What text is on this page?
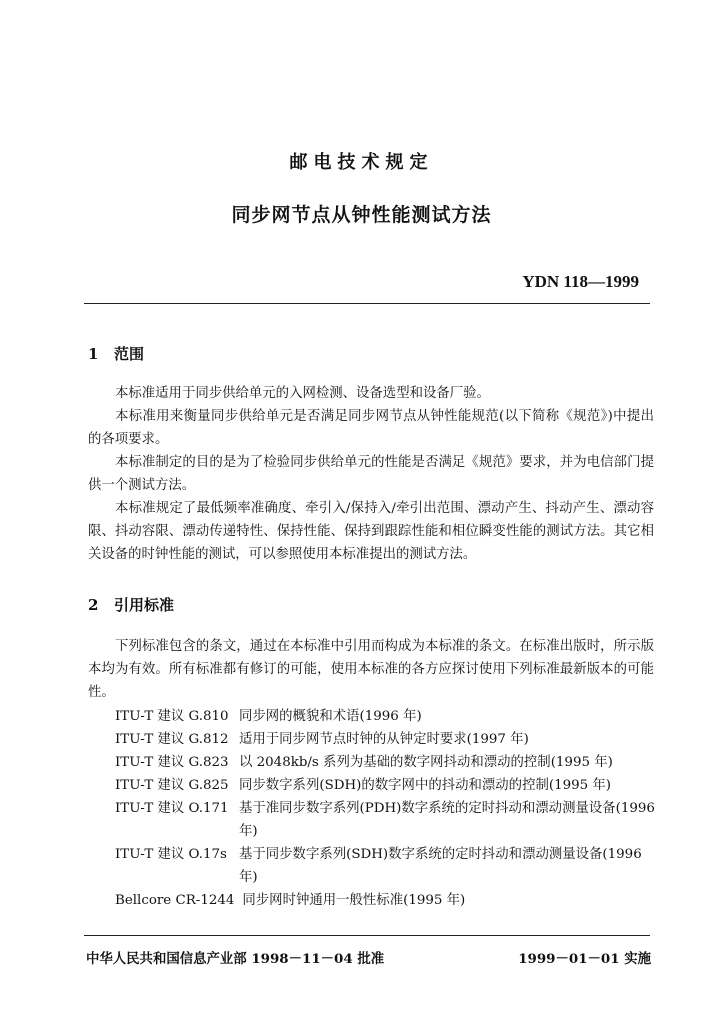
邮电技术规定
同步网节点从钟性能测试方法
YDN 118—1999
1 范围

本标准适用于同步供给单元的入网检测、设备选型和设备厂验。

本标准用来衡量同步供给单元是否满足同步网节点从钟性能规范(以下简称《规范》)中提出的各项要求。

本标准制定的目的是为了检验同步供给单元的性能是否满足《规范》要求，并为电信部门提供一个测试方法。

本标准规定了最低频率准确度、牵引入/保持入/牵引出范围、漂动产生、抖动产生、漂动容限、抖动容限、漂动传递特性、保持性能、保持到跟踪性能和相位瞬变性能的测试方法。其它相关设备的时钟性能的测试，可以参照使用本标准提出的测试方法。

2 引用标准

下列标准包含的条文，通过在本标准中引用而构成为本标准的条文。在标准出版时，所示版本均为有效。所有标准都有修订的可能，使用本标准的各方应探讨使用下列标准最新版本的可能性。

ITU-T 建议 G.810 同步网的概貌和术语(1996 年)
ITU-T 建议 G.812 适用于同步网节点时钟的从钟定时要求(1997 年)
ITU-T 建议 G.823 以 2048kb/s 系列为基础的数字网抖动和漂动的控制(1995 年)
ITU-T 建议 G.825 同步数字系列(SDH)的数字网中的抖动和漂动的控制(1995 年)
ITU-T 建议 O.171 基于准同步数字系列(PDH)数字系统的定时抖动和漂动测量设备(1996 年)
ITU-T 建议 O.17s 基于同步数字系列(SDH)数字系统的定时抖动和漂动测量设备(1996 年)
Bellcore CR-1244 同步网时钟通用一般性标准(1995 年)
中华人民共和国信息产业部 1998－11－04 批准	1999－01－01 实施
